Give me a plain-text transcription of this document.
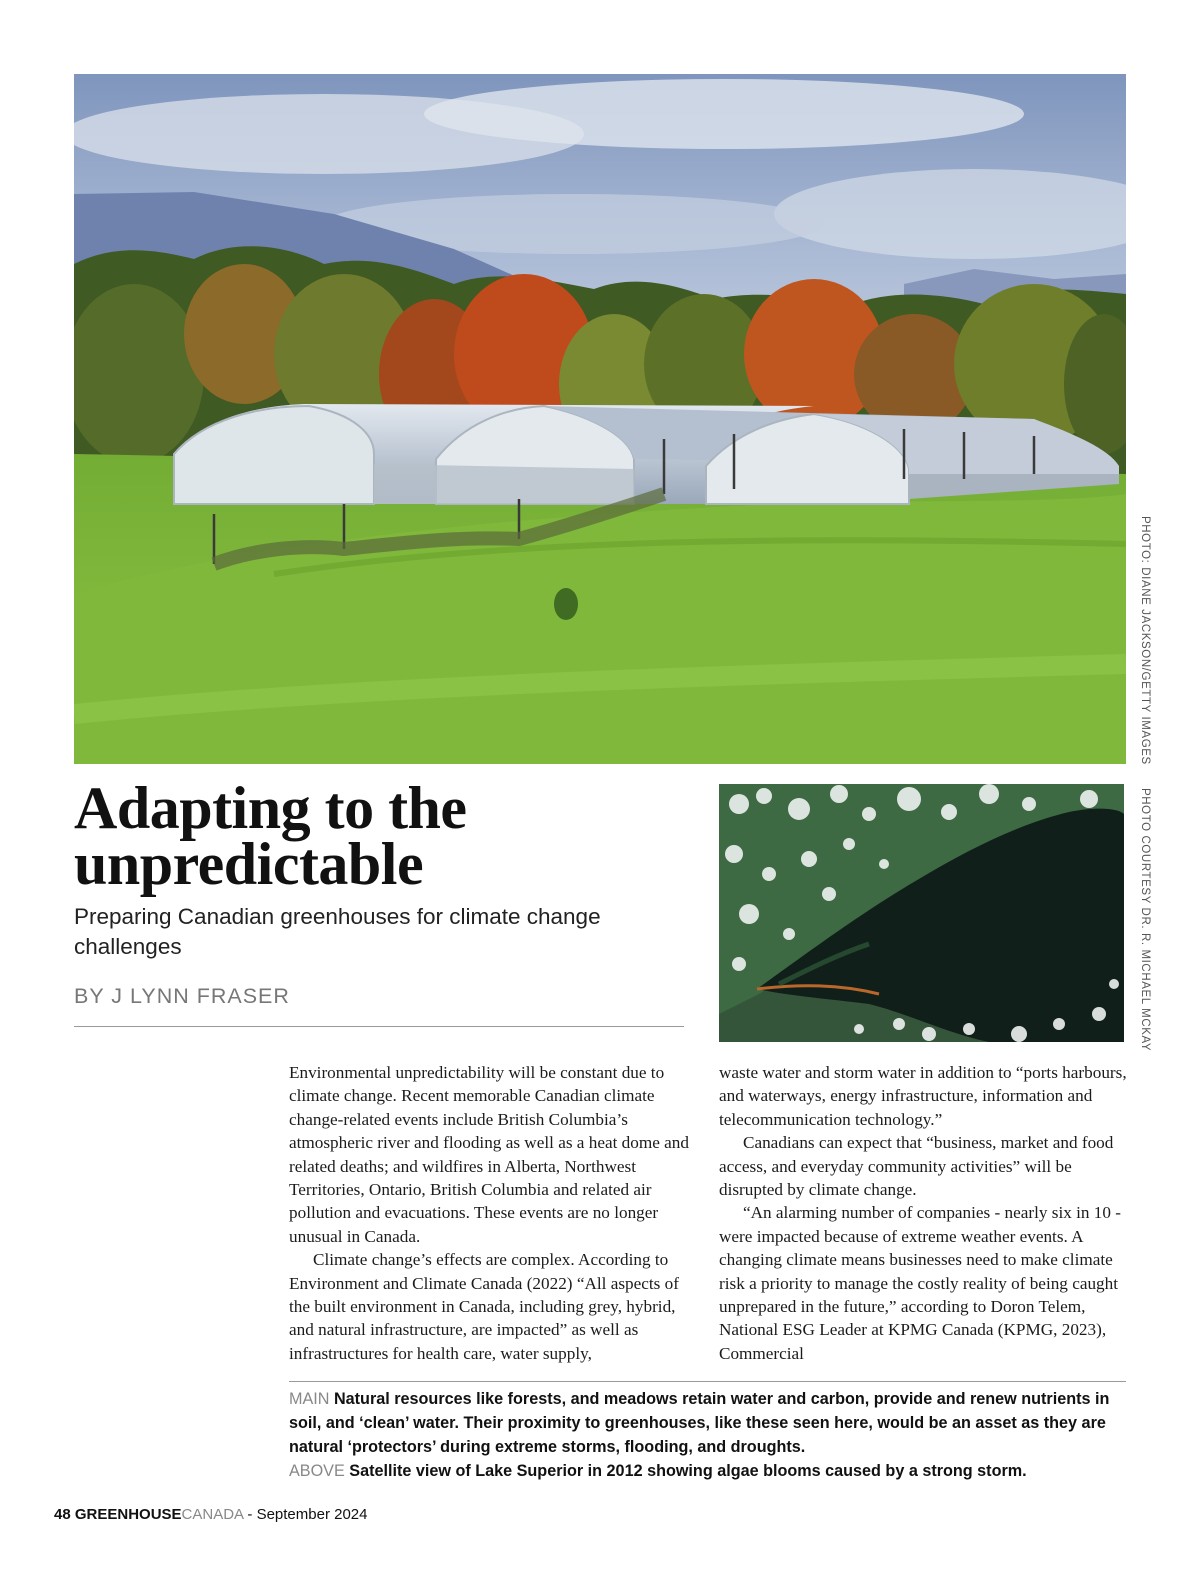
PHOTO: DIANE JACKSON/GETTY IMAGES
PHOTO COURTESY DR. R. MICHAEL MCKAY
Adapting to the
unpredictable

Preparing Canadian greenhouses for climate change challenges

BY J LYNN FRASER

Environmental unpredictability will be constant due to climate change. Recent memorable Canadian climate change-related events include British Columbia’s atmospheric river and flooding as well as a heat dome and related deaths; and wildfires in Alberta, Northwest Territories, Ontario, British Columbia and related air pollution and evacuations. These events are no longer unusual in Canada.

Climate change’s effects are complex. According to Environment and Climate Canada (2022) “All aspects of the built environment in Canada, including grey, hybrid, and natural infrastructure, are impacted” as well as infrastructures for health care, water supply,

waste water and storm water in addition to “ports harbours, and waterways, energy infrastructure, information and telecommunication technology.”

Canadians can expect that “business, market and food access, and everyday community activities” will be disrupted by climate change.

“An alarming number of companies - nearly six in 10 - were impacted because of extreme weather events. A changing climate means businesses need to make climate risk a priority to manage the costly reality of being caught unprepared in the future,” according to Doron Telem, National ESG Leader at KPMG Canada (KPMG, 2023), Commercial

MAIN Natural resources like forests, and meadows retain water and carbon, provide and renew nutrients in soil, and ‘clean’ water. Their proximity to greenhouses, like these seen here, would be an asset as they are natural ‘protectors’ during extreme storms, flooding, and droughts.

ABOVE Satellite view of Lake Superior in 2012 showing algae blooms caused by a strong storm.

48 GREENHOUSECANADA - September 2024
